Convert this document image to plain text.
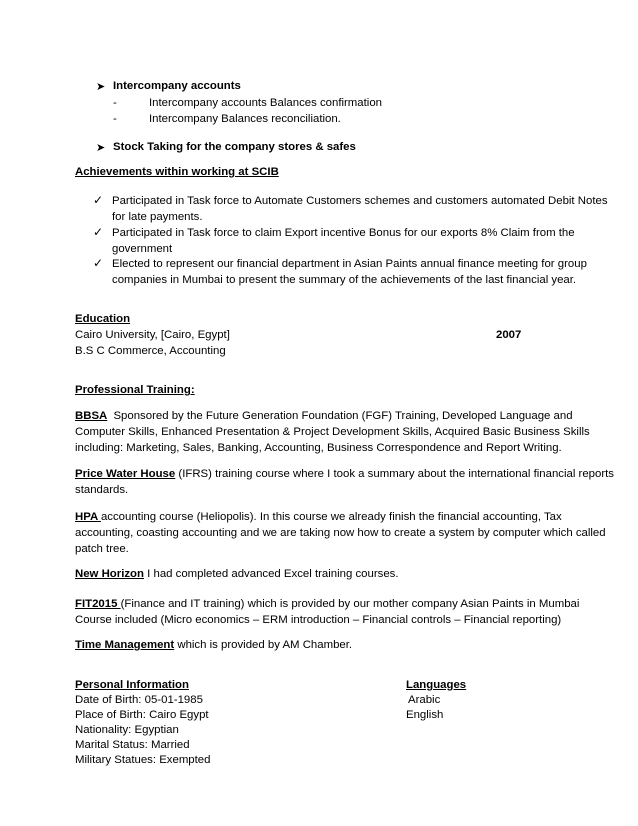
➤ Intercompany accounts
-	Intercompany accounts Balances confirmation
-	Intercompany Balances reconciliation.
➤ Stock Taking for the company stores & safes
Achievements within working at SCIB
✓ Participated in Task force to Automate Customers schemes and customers automated Debit Notes
for late payments.
✓ Participated in Task force to claim Export incentive Bonus for our exports 8% Claim from the
government
✓ Elected to represent our financial department in Asian Paints annual finance meeting for group
companies in Mumbai to present the summary of the achievements of the last financial year.
Education
Cairo University, [Cairo, Egypt]	2007
B.S C Commerce, Accounting
Professional Training:
BBSA Sponsored by the Future Generation Foundation (FGF) Training, Developed Language and
Computer Skills, Enhanced Presentation & Project Development Skills, Acquired Basic Business Skills
including: Marketing, Sales, Banking, Accounting, Business Correspondence and Report Writing.
Price Water House (IFRS) training course where I took a summary about the international financial reports
standards.
HPA accounting course (Heliopolis). In this course we already finish the financial accounting, Tax
accounting, coasting accounting and we are taking now how to create a system by computer which called
patch tree.
New Horizon I had completed advanced Excel training courses.
FIT2015 (Finance and IT training) which is provided by our mother company Asian Paints in Mumbai
Course included (Micro economics – ERM introduction – Financial controls – Financial reporting)
Time Management which is provided by AM Chamber.
Personal Information
Date of Birth: 05-01-1985
Place of Birth: Cairo Egypt
Nationality: Egyptian
Marital Status: Married
Military Statues: Exempted
Languages
Arabic
English
